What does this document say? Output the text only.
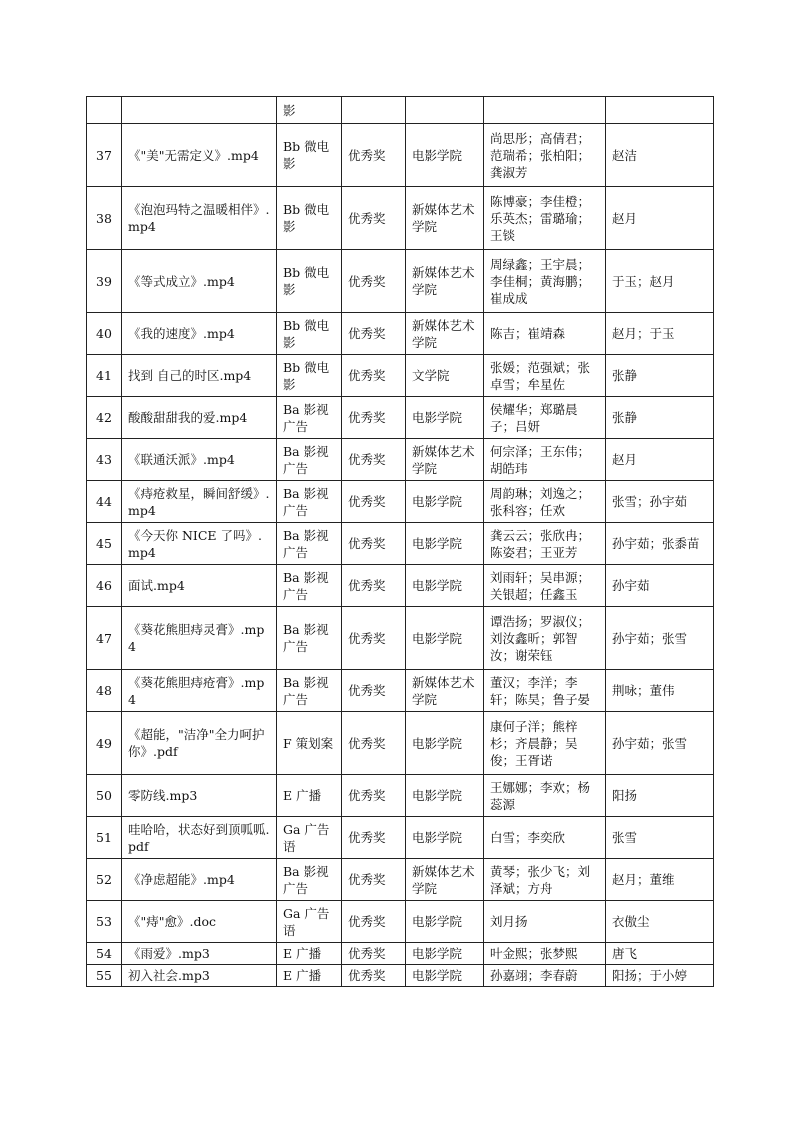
		影				
37	《"美"无需定义》.mp4	Bb 微电影	优秀奖	电影学院	尚思彤；高倩君；范瑞希；张柏阳；龚淑芳	赵洁
38	《泡泡玛特之温暖相伴》.mp4	Bb 微电影	优秀奖	新媒体艺术学院	陈博豪；李佳橙；乐英杰；雷璐瑜；王锬	赵月
39	《等式成立》.mp4	Bb 微电影	优秀奖	新媒体艺术学院	周绿鑫；王宇晨；李佳桐；黄海鹏；崔成成	于玉；赵月
40	《我的速度》.mp4	Bb 微电影	优秀奖	新媒体艺术学院	陈吉；崔靖森	赵月；于玉
41	找到 自己的时区.mp4	Bb 微电影	优秀奖	文学院	张媛；范强斌；张卓雪；牟星佐	张静
42	酸酸甜甜我的爱.mp4	Ba 影视广告	优秀奖	电影学院	侯耀华；郑璐晨子；吕妍	张静
43	《联通沃派》.mp4	Ba 影视广告	优秀奖	新媒体艺术学院	何宗泽；王东伟；胡皓玮	赵月
44	《痔疮救星，瞬间舒缓》.mp4	Ba 影视广告	优秀奖	电影学院	周韵琳；刘逸之；张科容；任欢	张雪；孙宇茹
45	《今天你 NICE 了吗》.mp4	Ba 影视广告	优秀奖	电影学院	龚云云；张欣冉；陈姿君；王亚芳	孙宇茹；张黍苗
46	面试.mp4	Ba 影视广告	优秀奖	电影学院	刘雨轩；吴串源；关银超；任鑫玉	孙宇茹
47	《葵花熊胆痔灵膏》.mp4	Ba 影视广告	优秀奖	电影学院	谭浩扬；罗淑仪；刘汝鑫昕；郭智汝；谢荣钰	孙宇茹；张雪
48	《葵花熊胆痔疮膏》.mp4	Ba 影视广告	优秀奖	新媒体艺术学院	董汉；李洋；李轩；陈昊；鲁子晏	荆咏；董伟
49	《超能，"洁净"全力呵护你》.pdf	F 策划案	优秀奖	电影学院	康何子洋；熊梓杉；齐晨静；吴俊；王胥诺	孙宇茹；张雪
50	零防线.mp3	E 广播	优秀奖	电影学院	王娜娜；李欢；杨蕊源	阳扬
51	哇哈哈，状态好到顶呱呱.pdf	Ga 广告语	优秀奖	电影学院	白雪；李奕欣	张雪
52	《净虑超能》.mp4	Ba 影视广告	优秀奖	新媒体艺术学院	黄琴；张少飞；刘泽斌；方舟	赵月；董维
53	《"痔"愈》.doc	Ga 广告语	优秀奖	电影学院	刘月扬	衣傲尘
54	《雨爱》.mp3	E 广播	优秀奖	电影学院	叶金熙；张梦熙	唐飞
55	初入社会.mp3	E 广播	优秀奖	电影学院	孙嘉翊；李春蔚	阳扬；于小婷
